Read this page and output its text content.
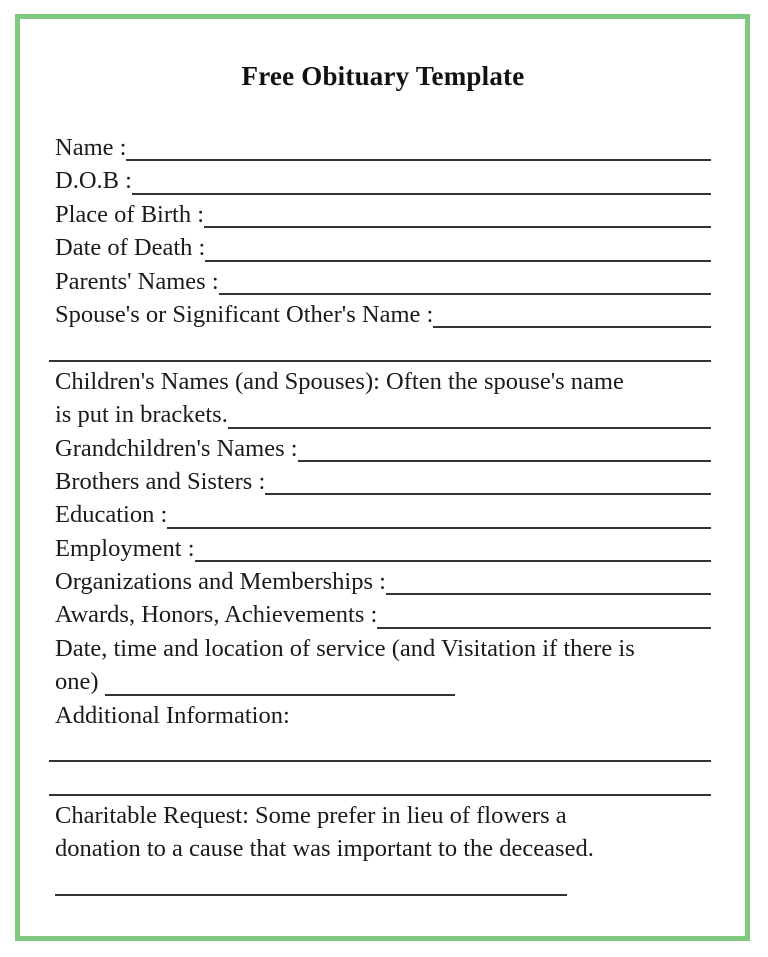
Free Obituary Template
Name :
D.O.B :
Place of Birth :
Date of Death :
Parents' Names :
Spouse's or Significant Other's Name :
Children's Names (and Spouses): Often the spouse's name
is put in brackets.
Grandchildren's Names :
Brothers and Sisters :
Education :
Employment :
Organizations and Memberships :
Awards, Honors, Achievements :
Date, time and location of service (and Visitation if there is
one)
Additional Information:
Charitable Request: Some prefer in lieu of flowers a
donation to a cause that was important to the deceased.
